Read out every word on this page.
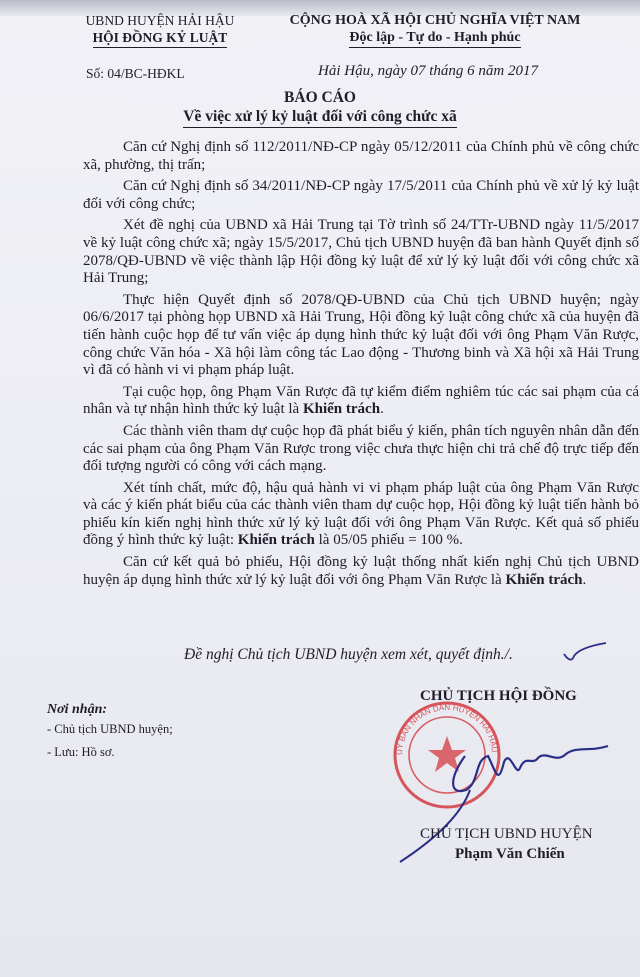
UBND HUYỆN HẢI HẬU
HỘI ĐỒNG KỶ LUẬT
CỘNG HOÀ XÃ HỘI CHỦ NGHĨA VIỆT NAM
Độc lập - Tự do - Hạnh phúc
Số: 04/BC-HĐKL	Hải Hậu, ngày 07 tháng 6 năm 2017
BÁO CÁO
Về việc xử lý kỷ luật đối với công chức xã

Căn cứ Nghị định số 112/2011/NĐ-CP ngày 05/12/2011 của Chính phủ về công chức xã, phường, thị trấn;

Căn cứ Nghị định số 34/2011/NĐ-CP ngày 17/5/2011 của Chính phủ về xử lý kỷ luật đối với công chức;

Xét đề nghị của UBND xã Hải Trung tại Tờ trình số 24/TTr-UBND ngày 11/5/2017 về kỷ luật công chức xã; ngày 15/5/2017, Chủ tịch UBND huyện đã ban hành Quyết định số 2078/QĐ-UBND về việc thành lập Hội đồng kỷ luật để xử lý kỷ luật đối với công chức xã Hải Trung;

Thực hiện Quyết định số 2078/QĐ-UBND của Chủ tịch UBND huyện; ngày 06/6/2017 tại phòng họp UBND xã Hải Trung, Hội đồng kỷ luật công chức xã của huyện đã tiến hành cuộc họp để tư vấn việc áp dụng hình thức kỷ luật đối với ông Phạm Văn Rược, công chức Văn hóa - Xã hội làm công tác Lao động - Thương binh và Xã hội xã Hải Trung vì đã có hành vi vi phạm pháp luật.

Tại cuộc họp, ông Phạm Văn Rược đã tự kiểm điểm nghiêm túc các sai phạm của cá nhân và tự nhận hình thức kỷ luật là Khiển trách.

Các thành viên tham dự cuộc họp đã phát biểu ý kiến, phân tích nguyên nhân dẫn đến các sai phạm của ông Phạm Văn Rược trong việc chưa thực hiện chi trả chế độ trực tiếp đến đối tượng người có công với cách mạng.

Xét tính chất, mức độ, hậu quả hành vi vi phạm pháp luật của ông Phạm Văn Rược và các ý kiến phát biểu của các thành viên tham dự cuộc họp, Hội đồng kỷ luật tiến hành bỏ phiếu kín kiến nghị hình thức xử lý kỷ luật đối với ông Phạm Văn Rược. Kết quả số phiếu đồng ý hình thức kỷ luật: Khiển trách là 05/05 phiếu = 100 %.

Căn cứ kết quả bỏ phiếu, Hội đồng kỷ luật thống nhất kiến nghị Chủ tịch UBND huyện áp dụng hình thức xử lý kỷ luật đối với ông Phạm Văn Rược là Khiển trách.

Đề nghị Chủ tịch UBND huyện xem xét, quyết định./.
Nơi nhận:
- Chủ tịch UBND huyện;
- Lưu: Hồ sơ.
CHỦ TỊCH HỘI ĐỒNG
ỦY BAN NHÂN DÂN HUYỆN HẢI HẬU
CHỦ TỊCH UBND HUYỆN
Phạm Văn Chiến
